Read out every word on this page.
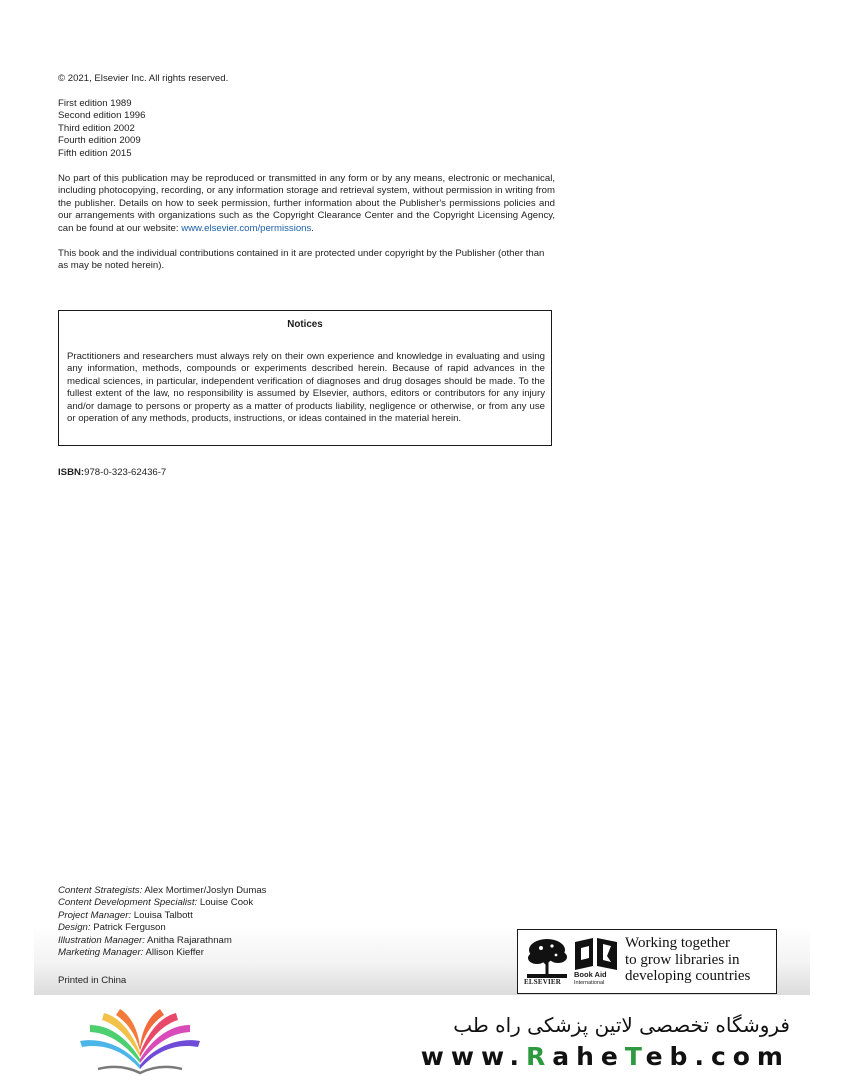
© 2021, Elsevier Inc. All rights reserved.
First edition 1989
Second edition 1996
Third edition 2002
Fourth edition 2009
Fifth edition 2015
No part of this publication may be reproduced or transmitted in any form or by any means, electronic or mechanical, including photocopying, recording, or any information storage and retrieval system, without permission in writing from the publisher. Details on how to seek permission, further information about the Publisher's permissions policies and our arrangements with organizations such as the Copyright Clearance Center and the Copyright Licensing Agency, can be found at our website: www.elsevier.com/permissions.
This book and the individual contributions contained in it are protected under copyright by the Publisher (other than as may be noted herein).
Notices
Practitioners and researchers must always rely on their own experience and knowledge in evaluating and using any information, methods, compounds or experiments described herein. Because of rapid advances in the medical sciences, in particular, independent verification of diagnoses and drug dosages should be made. To the fullest extent of the law, no responsibility is assumed by Elsevier, authors, editors or contributors for any injury and/or damage to persons or property as a matter of products liability, negligence or otherwise, or from any use or operation of any methods, products, instructions, or ideas contained in the material herein.
ISBN:978-0-323-62436-7
Content Strategists: Alex Mortimer/Joslyn Dumas
Content Development Specialist: Louise Cook
Project Manager: Louisa Talbott
Design: Patrick Ferguson
Illustration Manager: Anitha Rajarathnam
Marketing Manager: Allison Kieffer
Printed in China	ELSEVIER
Book Aid
International
Working together
to grow libraries in
developing countries
فروشگاه تخصصی لاتین پزشکی راه طب
www.RaheTeb.com
